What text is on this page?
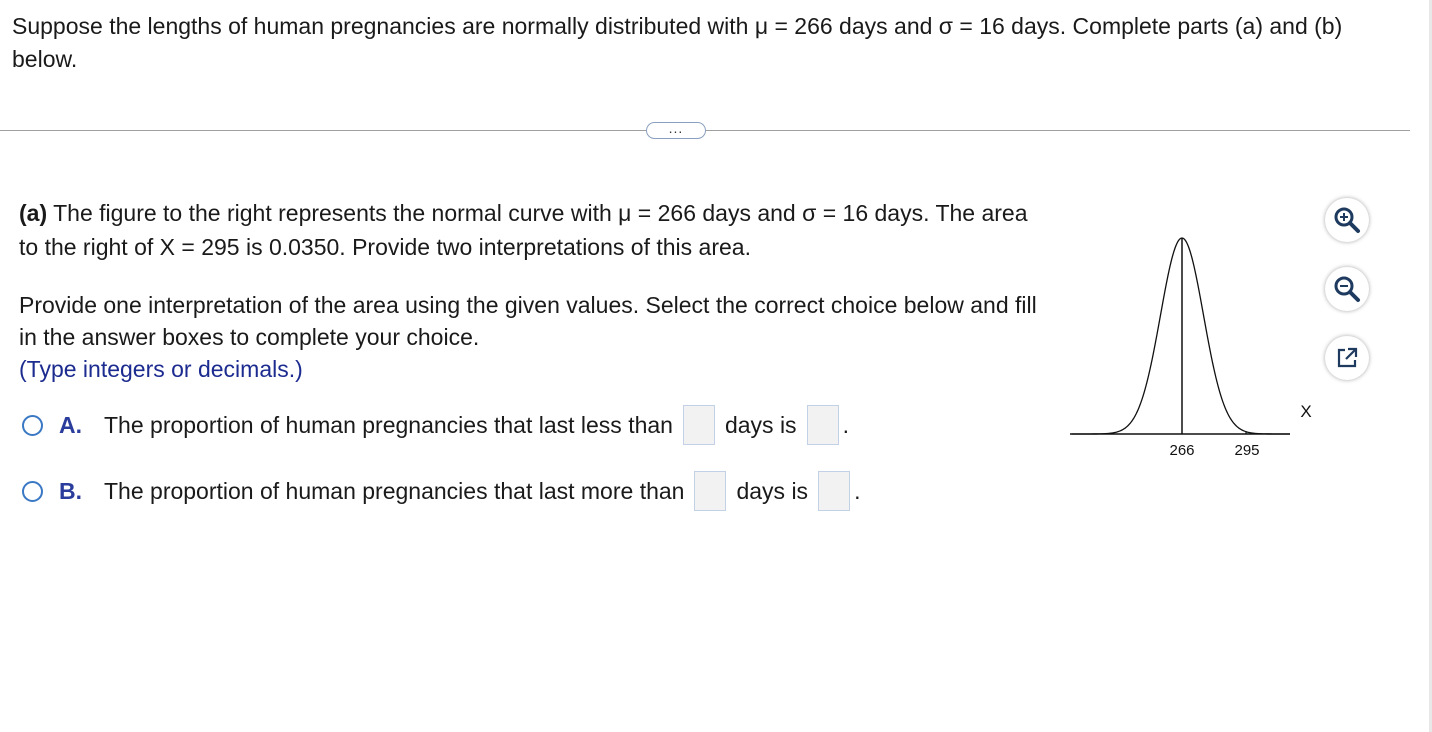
Suppose the lengths of human pregnancies are normally distributed with μ = 266 days and σ = 16 days. Complete parts (a) and (b) below.
...
(a) The figure to the right represents the normal curve with μ = 266 days and σ = 16 days. The area to the right of X = 295 is 0.0350. Provide two interpretations of this area.
Provide one interpretation of the area using the given values. Select the correct choice below and fill in the answer boxes to complete your choice.
(Type integers or decimals.)
A. The proportion of human pregnancies that last less than days is .
B. The proportion of human pregnancies that last more than days is .
266	295
X
